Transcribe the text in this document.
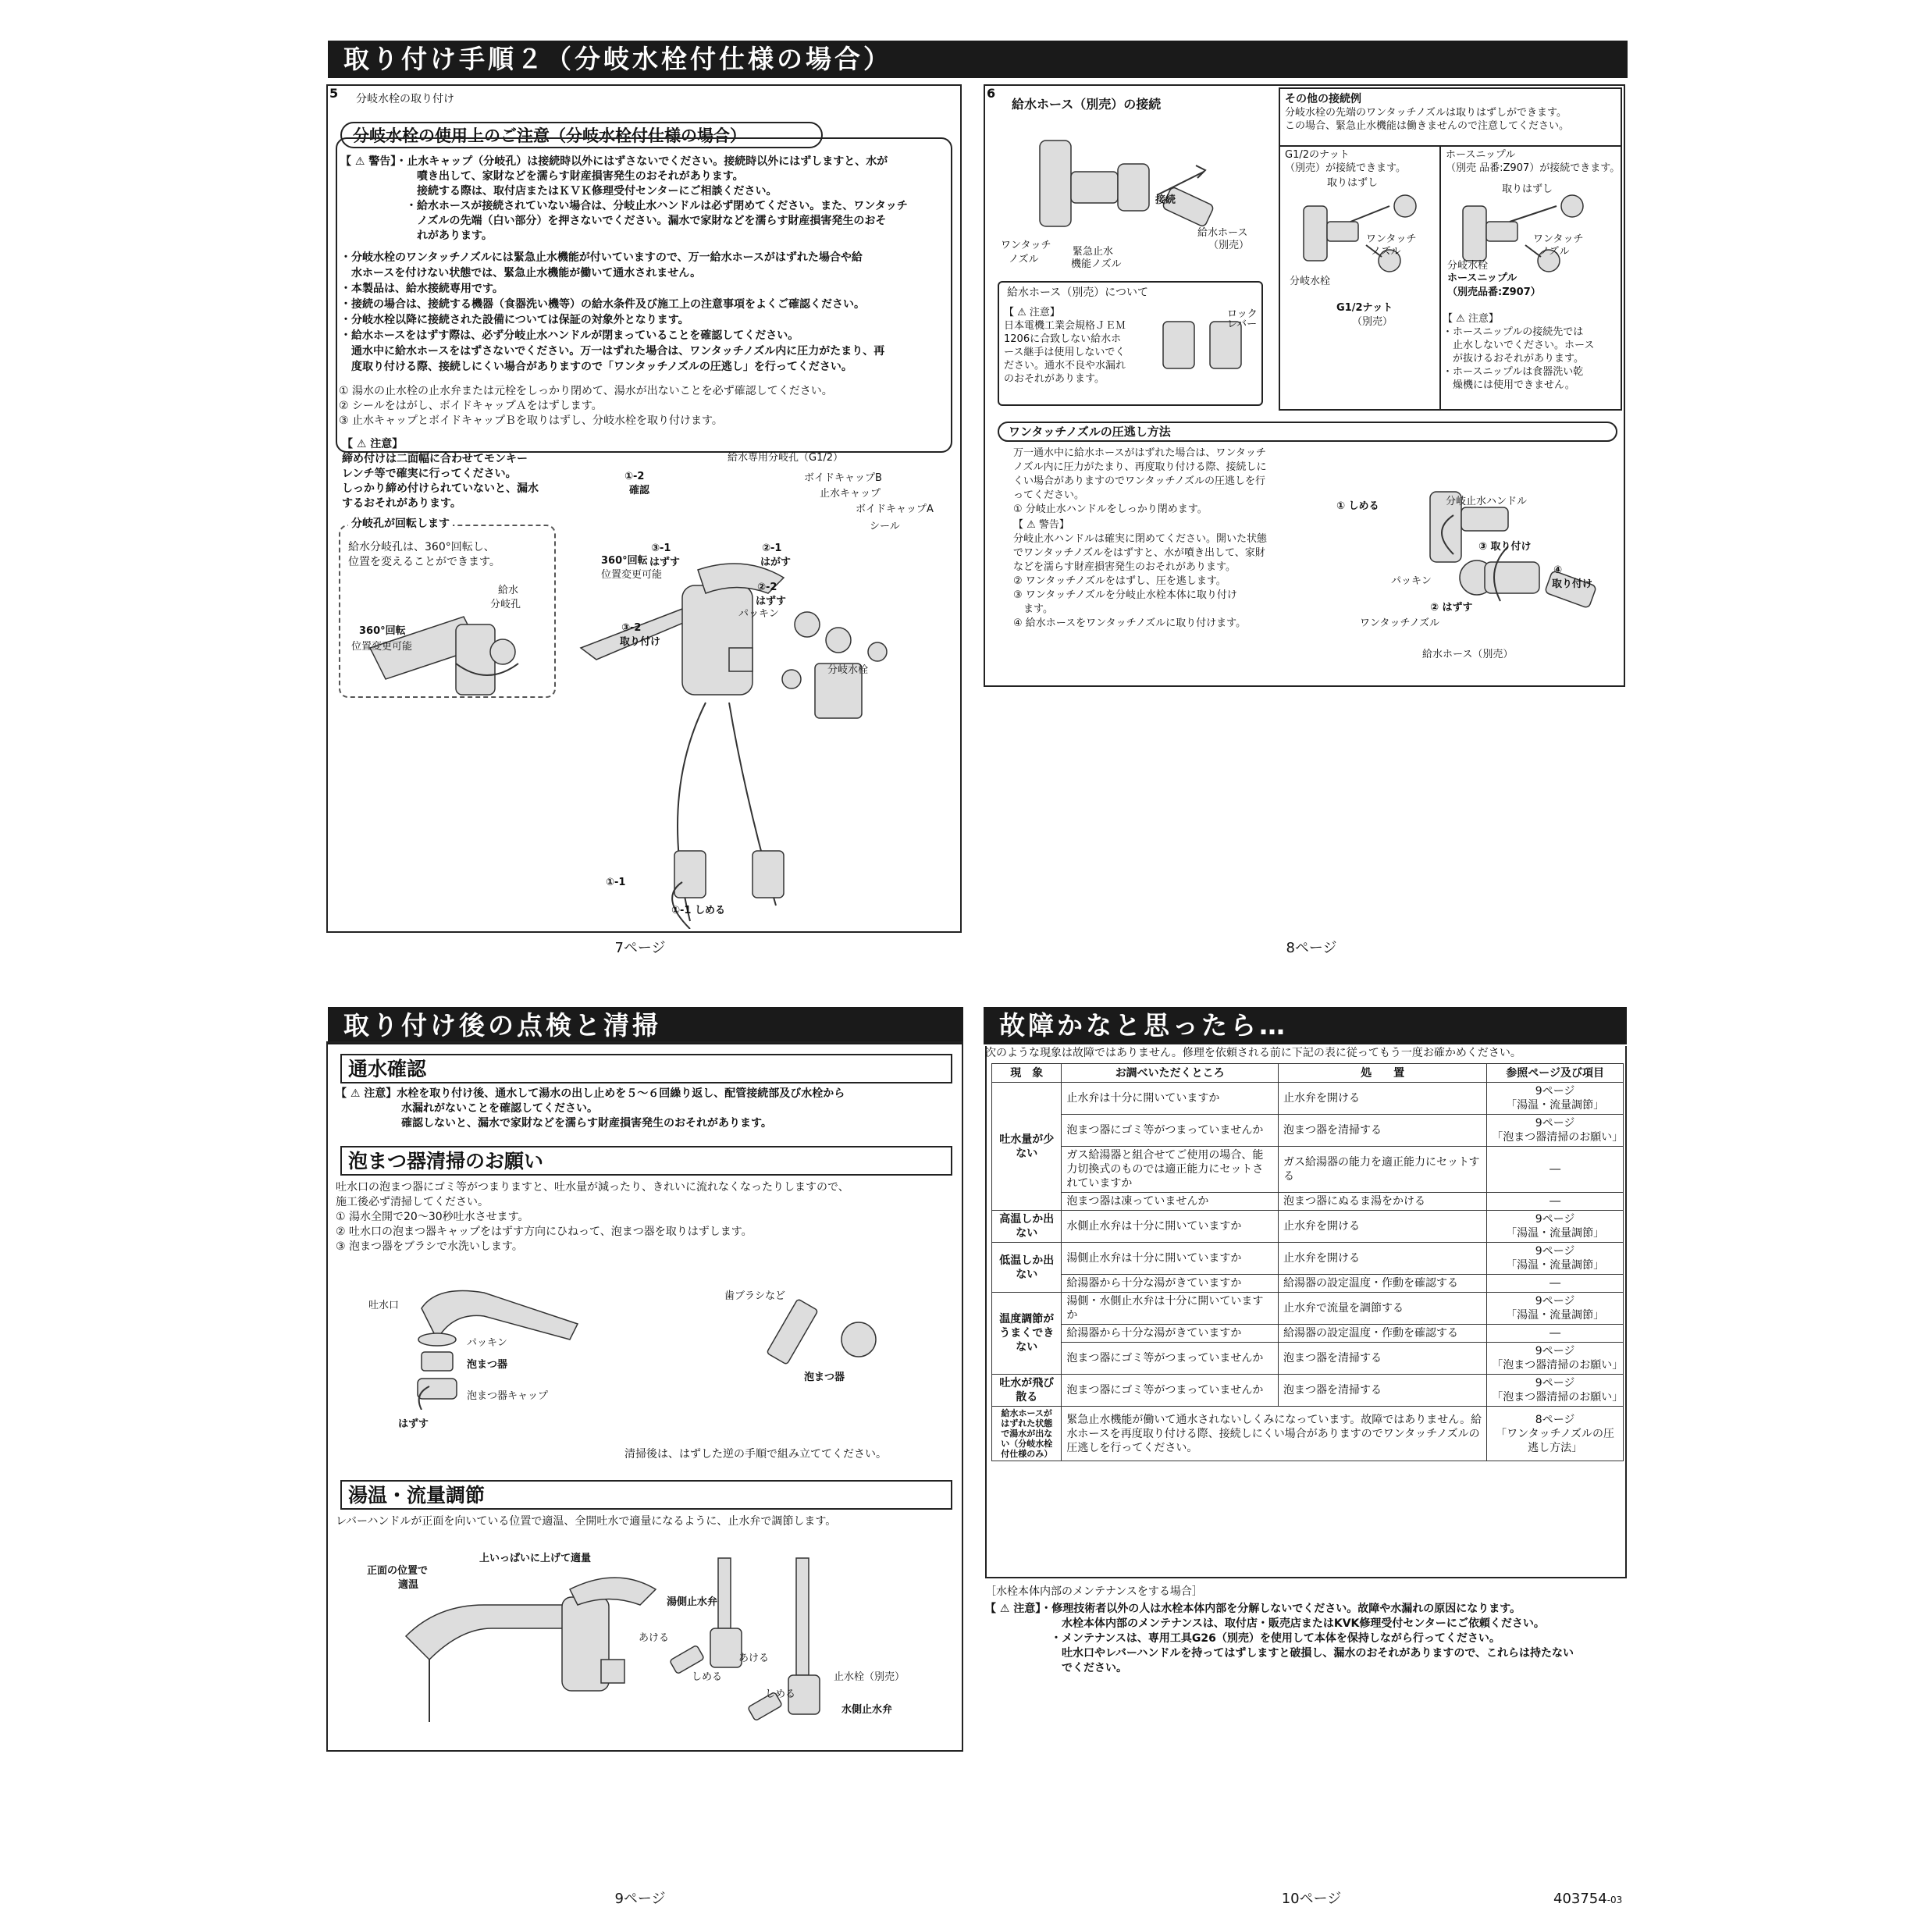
取り付け手順２（分岐水栓付仕様の場合）
5 分岐水栓の取り付け
分岐水栓の使用上のご注意（分岐水栓付仕様の場合）
【 ⚠ 警告】・止水キャップ（分岐孔）は接続時以外にはずさないでください。接続時以外にはずしますと、水が
　　　　　　　噴き出して、家財などを濡らす財産損害発生のおそれがあります。
　　　　　　　接続する際は、取付店またはＫＶＫ修理受付センターにご相談ください。
　　　　　　・給水ホースが接続されていない場合は、分岐止水ハンドルは必ず閉めてください。また、ワンタッチ
　　　　　　　ノズルの先端（白い部分）を押さないでください。漏水で家財などを濡らす財産損害発生のおそ
　　　　　　　れがあります。
・分岐水栓のワンタッチノズルには緊急止水機能が付いていますので、万一給水ホースがはずれた場合や給
　水ホースを付けない状態では、緊急止水機能が働いて通水されません。
・本製品は、給水接続専用です。
・接続の場合は、接続する機器（食器洗い機等）の給水条件及び施工上の注意事項をよくご確認ください。
・分岐水栓以降に接続された設備については保証の対象外となります。
・給水ホースをはずす際は、必ず分岐止水ハンドルが閉まっていることを確認してください。
　通水中に給水ホースをはずさないでください。万一はずれた場合は、ワンタッチノズル内に圧力がたまり、再
　度取り付ける際、接続しにくい場合がありますので「ワンタッチノズルの圧逃し」を行ってください。
① 湯水の止水栓の止水弁または元栓をしっかり閉めて、湯水が出ないことを必ず確認してください。
② シールをはがし、ボイドキャップＡをはずします。
③ 止水キャップとボイドキャップＢを取りはずし、分岐水栓を取り付けます。
【 ⚠ 注意】
締め付けは二面幅に合わせてモンキー
レンチ等で確実に行ってください。
しっかり締め付けられていないと、漏水
するおそれがあります。
分岐孔が回転します
給水分岐孔は、360°回転し、
位置を変えることができます。
給水
分岐孔
360°回転
位置変更可能
給水専用分岐孔（G1/2）
①-2
確認
ボイドキャップB
止水キャップ
ボイドキャップA
シール
③-1
はずす
②-1
はがす
360°回転
位置変更可能
②-2
はずす
パッキン
③-2
取り付け
分岐水栓
①-1
①-1 しめる
7ページ
6
給水ホース（別売）の接続
接続
給水ホース
（別売）
ワンタッチ
ノズル
緊急止水
機能ノズル
給水ホース（別売）について
【 ⚠ 注意】
日本電機工業会規格ＪＥＭ
1206に合致しない給水ホ
ース継手は使用しないでく
ださい。通水不良や水漏れ
のおそれがあります。
ロック
レバー
その他の接続例
分岐水栓の先端のワンタッチノズルは取りはずしができます。
この場合、緊急止水機能は働きませんので注意してください。
G1/2のナット
（別売）が接続できます。
ホースニップル
（別売 品番:Z907）が接続できます。
取りはずし
ワンタッチ
ノズル
分岐水栓
G1/2ナット
（別売）
取りはずし
ワンタッチ
ノズル
分岐水栓
ホースニップル
（別売品番:Z907）
【 ⚠ 注意】
・ホースニップルの接続先では
　止水しないでください。ホース
　が抜けるおそれがあります。
・ホースニップルは食器洗い乾
　燥機には使用できません。
ワンタッチノズルの圧逃し方法
万一通水中に給水ホースがはずれた場合は、ワンタッチ
ノズル内に圧力がたまり、再度取り付ける際、接続しに
くい場合がありますのでワンタッチノズルの圧逃しを行
ってください。
① 分岐止水ハンドルをしっかり閉めます。
【 ⚠ 警告】
分岐止水ハンドルは確実に閉めてください。開いた状態
でワンタッチノズルをはずすと、水が噴き出して、家財
などを濡らす財産損害発生のおそれがあります。
② ワンタッチノズルをはずし、圧を逃します。
③ ワンタッチノズルを分岐止水栓本体に取り付け
　ます。
④ 給水ホースをワンタッチノズルに取り付けます。
① しめる	分岐止水ハンドル
③ 取り付け
パッキン
④
取り付け
② はずす
ワンタッチノズル
給水ホース（別売）
8ページ
取り付け後の点検と清掃
通水確認
【 ⚠ 注意】水栓を取り付け後、通水して湯水の出し止めを５～６回繰り返し、配管接続部及び水栓から
　　　　　　水漏れがないことを確認してください。
　　　　　　確認しないと、漏水で家財などを濡らす財産損害発生のおそれがあります。
泡まつ器清掃のお願い
吐水口の泡まつ器にゴミ等がつまりますと、吐水量が減ったり、きれいに流れなくなったりしますので、
施工後必ず清掃してください。
① 湯水全開で20～30秒吐水させます。
② 吐水口の泡まつ器キャップをはずす方向にひねって、泡まつ器を取りはずします。
③ 泡まつ器をブラシで水洗いします。
吐水口
パッキン
泡まつ器
泡まつ器キャップ
はずす
歯ブラシなど
泡まつ器
清掃後は、はずした逆の手順で組み立ててください。
湯温・流量調節
レバーハンドルが正面を向いている位置で適温、全開吐水で適量になるように、止水弁で調節します。
上いっぱいに上げて適量
正面の位置で
適温
湯側止水弁
あける
しめる
あける
止水栓（別売）
しめる
水側止水弁
9ページ
故障かなと思ったら…
次のような現象は故障ではありません。修理を依頼される前に下記の表に従ってもう一度お確かめください。
現　象	お調べいただくところ	処　　置	参照ページ及び項目
吐水量が少ない	止水弁は十分に開いていますか	止水弁を開ける	9ページ
「湯温・流量調節」
	泡まつ器にゴミ等がつまっていませんか	泡まつ器を清掃する	9ページ
「泡まつ器清掃のお願い」
	ガス給湯器と組合せてご使用の場合、能力切換式のものでは適正能力にセットされていますか	ガス給湯器の能力を適正能力にセットする	―
	泡まつ器は凍っていませんか	泡まつ器にぬるま湯をかける	―
高温しか出ない	水側止水弁は十分に開いていますか	止水弁を開ける	9ページ
「湯温・流量調節」
低温しか出ない	湯側止水弁は十分に開いていますか	止水弁を開ける	9ページ
「湯温・流量調節」
	給湯器から十分な湯がきていますか	給湯器の設定温度・作動を確認する	―
温度調節がうまくできない	湯側・水側止水弁は十分に開いていますか	止水弁で流量を調節する	9ページ
「湯温・流量調節」
	給湯器から十分な湯がきていますか	給湯器の設定温度・作動を確認する	―
	泡まつ器にゴミ等がつまっていませんか	泡まつ器を清掃する	9ページ
「泡まつ器清掃のお願い」
吐水が飛び散る	泡まつ器にゴミ等がつまっていませんか	泡まつ器を清掃する	9ページ
「泡まつ器清掃のお願い」
給水ホースがはずれた状態で湯水が出ない（分岐水栓付仕様のみ）	緊急止水機能が働いて通水されないしくみになっています。故障ではありません。給水ホースを再度取り付ける際、接続しにくい場合がありますのでワンタッチノズルの圧逃しを行ってください。		8ページ
「ワンタッチノズルの圧逃し方法」
［水栓本体内部のメンテナンスをする場合］
【 ⚠ 注意】・修理技術者以外の人は水栓本体内部を分解しないでください。故障や水漏れの原因になります。
　　　　　　　水栓本体内部のメンテナンスは、取付店・販売店またはKVK修理受付センターにご依頼ください。
　　　　　　・メンテナンスは、専用工具G26（別売）を使用して本体を保持しながら行ってください。
　　　　　　　吐水口やレバーハンドルを持ってはずしますと破損し、漏水のおそれがありますので、これらは持たない
　　　　　　　でください。
10ページ	403754-03
